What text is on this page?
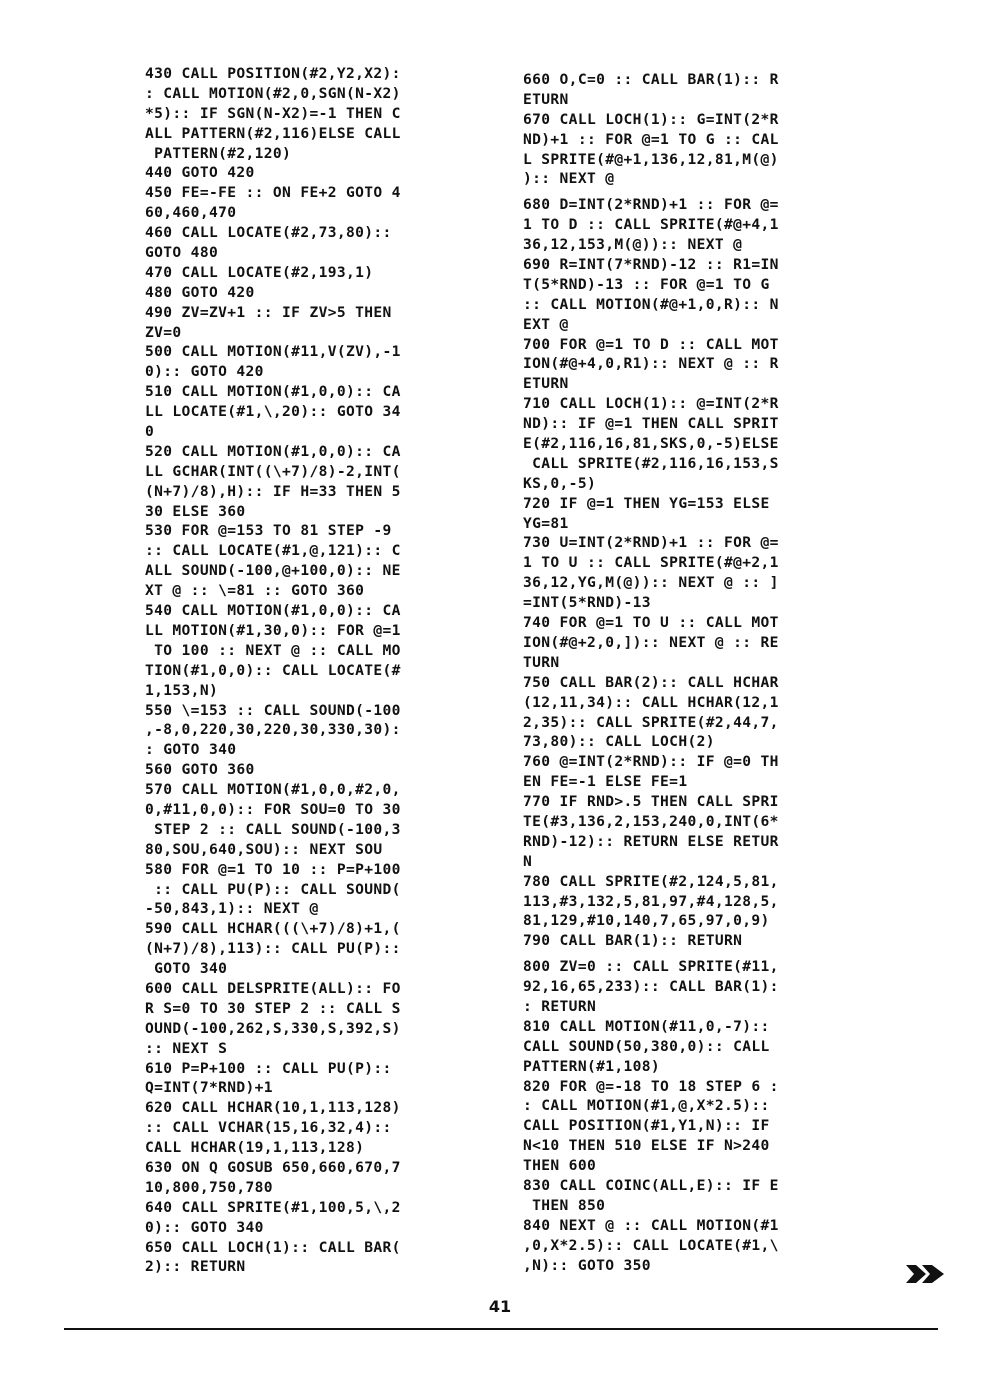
430 CALL POSITION(#2,Y2,X2):
: CALL MOTION(#2,0,SGN(N-X2)
*5):: IF SGN(N-X2)=-1 THEN C
ALL PATTERN(#2,116)ELSE CALL
PATTERN(#2,120)
440 GOTO 420
450 FE=-FE :: ON FE+2 GOTO 4
60,460,470
460 CALL LOCATE(#2,73,80)::
GOTO 480
470 CALL LOCATE(#2,193,1)
480 GOTO 420
490 ZV=ZV+1 :: IF ZV>5 THEN
ZV=0
500 CALL MOTION(#11,V(ZV),-1
0):: GOTO 420
510 CALL MOTION(#1,0,0):: CA
LL LOCATE(#1,\,20):: GOTO 34
0
520 CALL MOTION(#1,0,0):: CA
LL GCHAR(INT((\+7)/8)-2,INT(
(N+7)/8),H):: IF H=33 THEN 5
30 ELSE 360
530 FOR @=153 TO 81 STEP -9
:: CALL LOCATE(#1,@,121):: C
ALL SOUND(-100,@+100,0):: NE
XT @ :: \=81 :: GOTO 360
540 CALL MOTION(#1,0,0):: CA
LL MOTION(#1,30,0):: FOR @=1
TO 100 :: NEXT @ :: CALL MO
TION(#1,0,0):: CALL LOCATE(#
1,153,N)
550 \=153 :: CALL SOUND(-100
,-8,0,220,30,220,30,330,30):
: GOTO 340
560 GOTO 360
570 CALL MOTION(#1,0,0,#2,0,
0,#11,0,0):: FOR SOU=0 TO 30
STEP 2 :: CALL SOUND(-100,3
80,SOU,640,SOU):: NEXT SOU
580 FOR @=1 TO 10 :: P=P+100
:: CALL PU(P):: CALL SOUND(
-50,843,1):: NEXT @
590 CALL HCHAR(((\+7)/8)+1,(
(N+7)/8),113):: CALL PU(P)::
GOTO 340
600 CALL DELSPRITE(ALL):: FO
R S=0 TO 30 STEP 2 :: CALL S
OUND(-100,262,S,330,S,392,S)
:: NEXT S
610 P=P+100 :: CALL PU(P)::
Q=INT(7*RND)+1
620 CALL HCHAR(10,1,113,128)
:: CALL VCHAR(15,16,32,4)::
CALL HCHAR(19,1,113,128)
630 ON Q GOSUB 650,660,670,7
10,800,750,780
640 CALL SPRITE(#1,100,5,\,2
0):: GOTO 340
650 CALL LOCH(1):: CALL BAR(
2):: RETURN
660 O,C=0 :: CALL BAR(1):: R
ETURN
670 CALL LOCH(1):: G=INT(2*R
ND)+1 :: FOR @=1 TO G :: CAL
L SPRITE(#@+1,136,12,81,M(@)
):: NEXT @
680 D=INT(2*RND)+1 :: FOR @=
1 TO D :: CALL SPRITE(#@+4,1
36,12,153,M(@)):: NEXT @
690 R=INT(7*RND)-12 :: R1=IN
T(5*RND)-13 :: FOR @=1 TO G
:: CALL MOTION(#@+1,0,R):: N
EXT @
700 FOR @=1 TO D :: CALL MOT
ION(#@+4,0,R1):: NEXT @ :: R
ETURN
710 CALL LOCH(1):: @=INT(2*R
ND):: IF @=1 THEN CALL SPRIT
E(#2,116,16,81,SKS,0,-5)ELSE
CALL SPRITE(#2,116,16,153,S
KS,0,-5)
720 IF @=1 THEN YG=153 ELSE
YG=81
730 U=INT(2*RND)+1 :: FOR @=
1 TO U :: CALL SPRITE(#@+2,1
36,12,YG,M(@)):: NEXT @ :: ]
=INT(5*RND)-13
740 FOR @=1 TO U :: CALL MOT
ION(#@+2,0,]):: NEXT @ :: RE
TURN
750 CALL BAR(2):: CALL HCHAR
(12,11,34):: CALL HCHAR(12,1
2,35):: CALL SPRITE(#2,44,7,
73,80):: CALL LOCH(2)
760 @=INT(2*RND):: IF @=0 TH
EN FE=-1 ELSE FE=1
770 IF RND>.5 THEN CALL SPRI
TE(#3,136,2,153,240,0,INT(6*
RND)-12):: RETURN ELSE RETUR
N
780 CALL SPRITE(#2,124,5,81,
113,#3,132,5,81,97,#4,128,5,
81,129,#10,140,7,65,97,0,9)
790 CALL BAR(1):: RETURN
800 ZV=0 :: CALL SPRITE(#11,
92,16,65,233):: CALL BAR(1):
: RETURN
810 CALL MOTION(#11,0,-7)::
CALL SOUND(50,380,0):: CALL
PATTERN(#1,108)
820 FOR @=-18 TO 18 STEP 6 :
: CALL MOTION(#1,@,X*2.5)::
CALL POSITION(#1,Y1,N):: IF
N<10 THEN 510 ELSE IF N>240
THEN 600
830 CALL COINC(ALL,E):: IF E
THEN 850
840 NEXT @ :: CALL MOTION(#1
,0,X*2.5):: CALL LOCATE(#1,\
,N):: GOTO 350
41
